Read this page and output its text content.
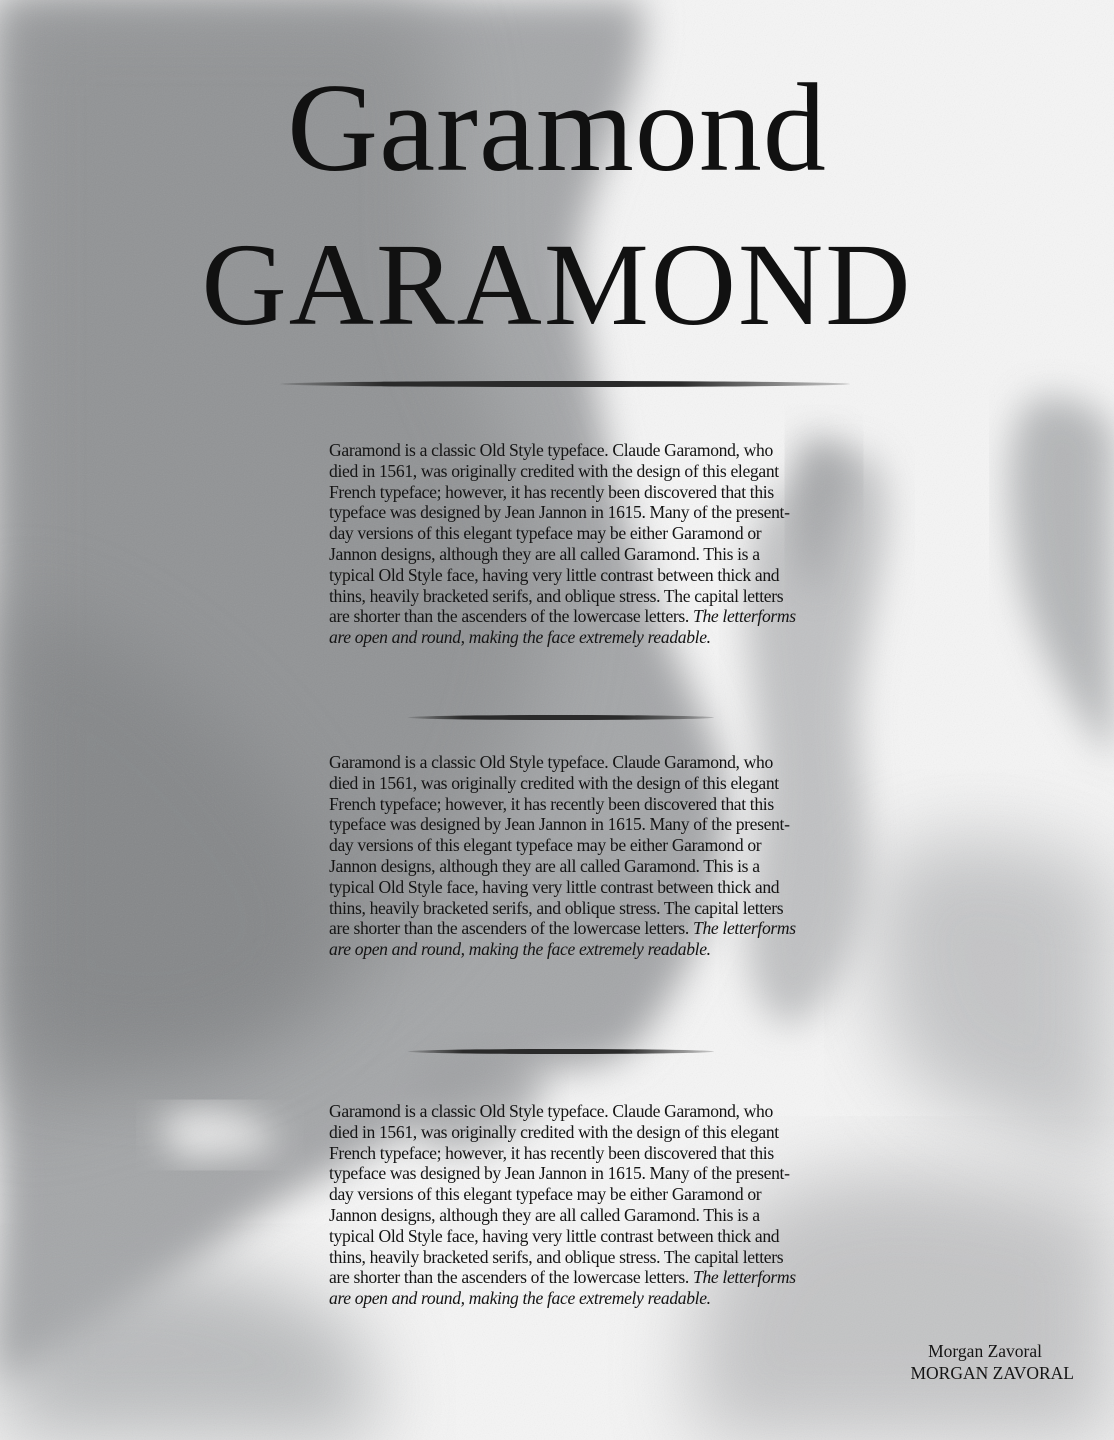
Garamond
GARAMOND

Garamond is a classic Old Style typeface. Claude Garamond, who died in 1561, was originally credited with the design of this elegant French typeface; however, it has recently been discovered that this typeface was designed by Jean Jannon in 1615. Many of the present-day versions of this elegant typeface may be either Garamond or Jannon designs, although they are all called Garamond. This is a typical Old Style face, having very little contrast between thick and thins, heavily bracketed serifs, and oblique stress. The capital letters are shorter than the ascenders of the lowercase letters. The letterforms are open and round, making the face extremely readable.

Garamond is a classic Old Style typeface. Claude Garamond, who died in 1561, was originally credited with the design of this elegant French typeface; however, it has recently been discovered that this typeface was designed by Jean Jannon in 1615. Many of the present-day versions of this elegant typeface may be either Garamond or Jannon designs, although they are all called Garamond. This is a typical Old Style face, having very little contrast between thick and thins, heavily bracketed serifs, and oblique stress. The capital letters are shorter than the ascenders of the lowercase letters. The letterforms are open and round, making the face extremely readable.

Garamond is a classic Old Style typeface. Claude Garamond, who died in 1561, was originally credited with the design of this elegant French typeface; however, it has recently been discovered that this typeface was designed by Jean Jannon in 1615. Many of the present-day versions of this elegant typeface may be either Garamond or Jannon designs, although they are all called Garamond. This is a typical Old Style face, having very little contrast between thick and thins, heavily bracketed serifs, and oblique stress. The capital letters are shorter than the ascenders of the lowercase letters. The letterforms are open and round, making the face extremely readable.

Morgan Zavoral
MORGAN ZAVORAL
